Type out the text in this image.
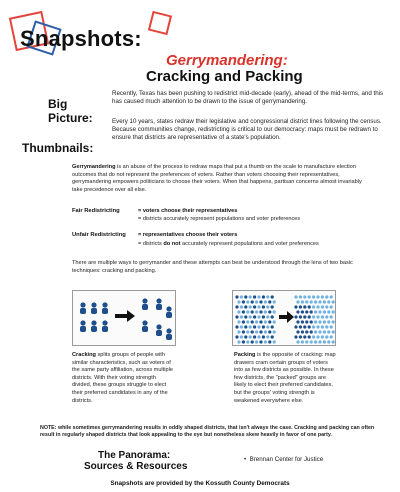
Snapshots:
Gerrymandering:
Cracking and Packing
Big
Picture:

Recently, Texas has been pushing to redistrict mid-decade (early), ahead of the mid-terms, and this has caused much attention to be drawn to the issue of gerrymandering.

Every 10 years, states redraw their legislative and congressional district lines following the census. Because communities change, redistricting is critical to our democracy: maps must be redrawn to ensure that districts are representative of a state's population.

Thumbnails:

Gerrymandering is an abuse of the process to redraw maps that put a thumb on the scale to manufacture election outcomes that do not represent the preferences of voters. Rather than voters choosing their representatives, gerrymandering empowers politicians to choose their voters. When that happens, partisan concerns almost invariably take precedence over all else.

Fair Redistricting	= voters choose their representatives
= districts accurately represent populations and voter preferences
Unfair Redistricting = representatives choose their voters
= districts do not accurately represent populations and voter preferences

There are multiple ways to gerrymander and these attempts can best be understood through the lens of two basic techniques: cracking and packing.

Cracking splits groups of people with similar characteristics, such as voters of the same party affiliation, across multiple districts. With their voting strength divided, these groups struggle to elect their preferred candidates in any of the districts.

Packing is the opposite of cracking: map drawers cram certain groups of voters into as few districts as possible. In these few districts, the "packed" groups are likely to elect their preferred candidates, but the groups' voting strength is weakened everywhere else.

NOTE: while sometimes gerrymandering results in oddly shaped districts, that isn't always the case. Cracking and packing can often result in regularly shaped districts that look appealing to the eye but nonetheless skew heavily in favor of one party.

The Panorama:
Sources & Resources
•  Brennan Center for Justice
Snapshots are provided by the Kossuth County Democrats
